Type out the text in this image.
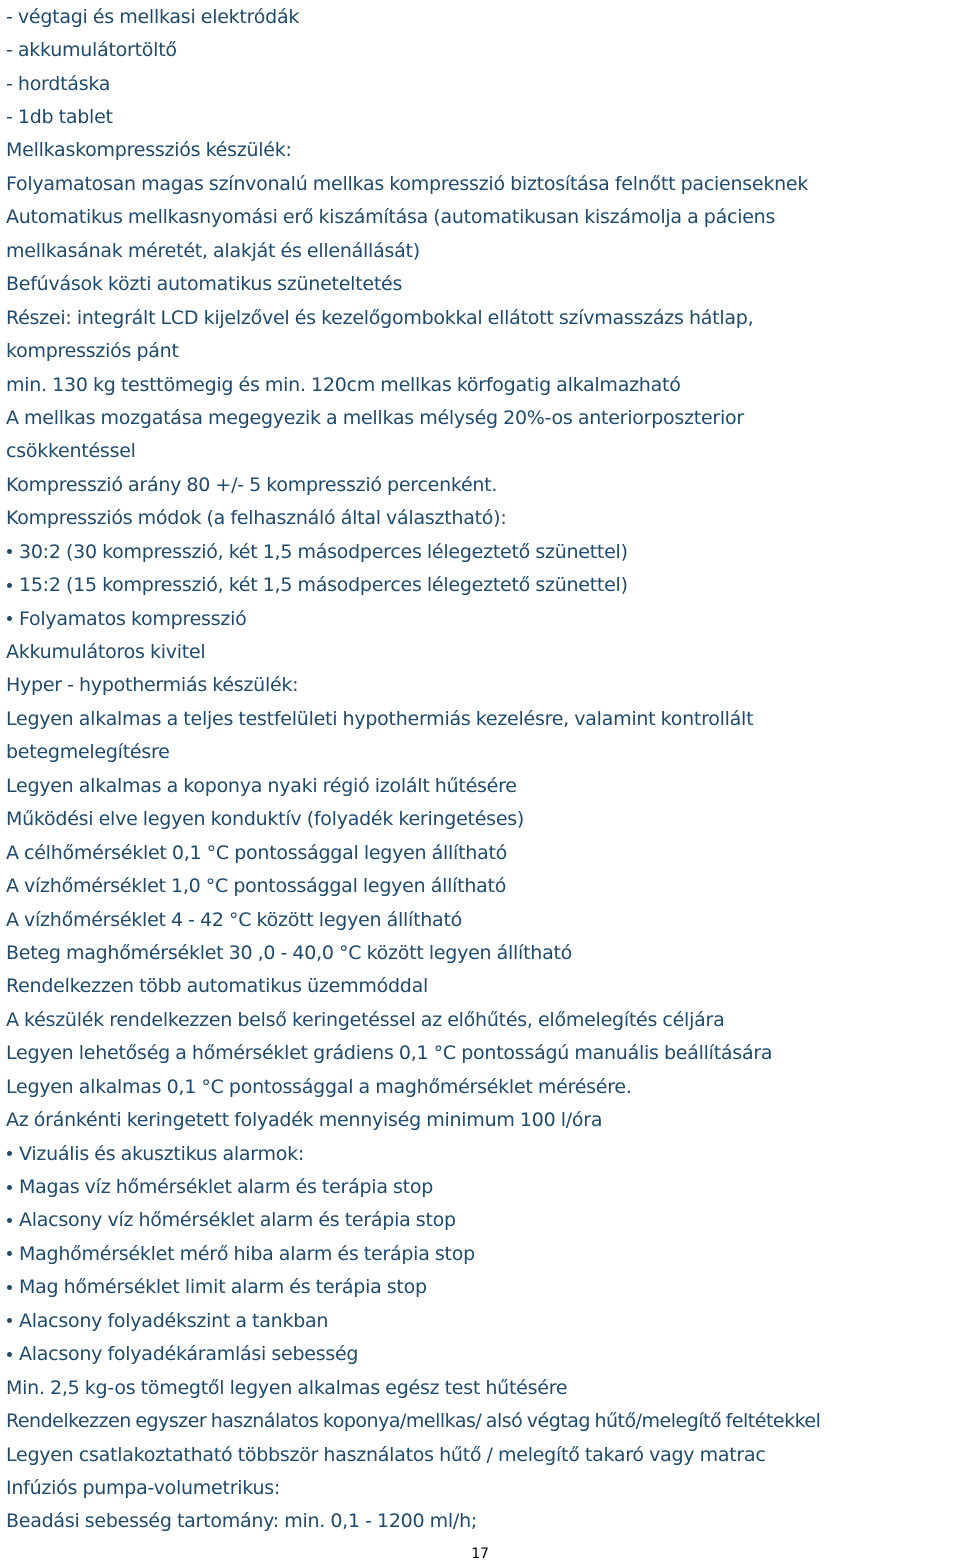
- végtagi és mellkasi elektródák
- akkumulátortöltő
- hordtáska
- 1db tablet
Mellkaskompressziós készülék:
Folyamatosan magas színvonalú mellkas kompresszió biztosítása felnőtt pacienseknek
Automatikus mellkasnyomási erő kiszámítása (automatikusan kiszámolja a páciens
mellkasának méretét, alakját és ellenállását)
Befúvások közti automatikus szüneteltetés
Részei: integrált LCD kijelzővel és kezelőgombokkal ellátott szívmasszázs hátlap,
kompressziós pánt
min. 130 kg testtömegig és min. 120cm mellkas körfogatig alkalmazható
A mellkas mozgatása megegyezik a mellkas mélység 20%-os anteriorposzterior
csökkentéssel
Kompresszió arány 80 +/- 5 kompresszió percenként.
Kompressziós módok (a felhasználó által választható):
30:2 (30 kompresszió, két 1,5 másodperces lélegeztető szünettel)
15:2 (15 kompresszió, két 1,5 másodperces lélegeztető szünettel)
Folyamatos kompresszió
Akkumulátoros kivitel
Hyper - hypothermiás készülék:
Legyen alkalmas a teljes testfelületi hypothermiás kezelésre, valamint kontrollált
betegmelegítésre
Legyen alkalmas a koponya nyaki régió izolált hűtésére
Működési elve legyen konduktív (folyadék keringetéses)
A célhőmérséklet 0,1 °C pontossággal legyen állítható
A vízhőmérséklet 1,0 °C pontossággal legyen állítható
A vízhőmérséklet 4 - 42 °C között legyen állítható
Beteg maghőmérséklet 30 ,0 - 40,0 °C között legyen állítható
Rendelkezzen több automatikus üzemmóddal
A készülék rendelkezzen belső keringetéssel az előhűtés, előmelegítés céljára
Legyen lehetőség a hőmérséklet grádiens 0,1 °C pontosságú manuális beállítására
Legyen alkalmas 0,1 °C pontossággal a maghőmérséklet mérésére.
Az óránkénti keringetett folyadék mennyiség minimum 100 l/óra
Vizuális és akusztikus alarmok:
Magas víz hőmérséklet alarm és terápia stop
Alacsony víz hőmérséklet alarm és terápia stop
Maghőmérséklet mérő hiba alarm és terápia stop
Mag hőmérséklet limit alarm és terápia stop
Alacsony folyadékszint a tankban
Alacsony folyadékáramlási sebesség
Min. 2,5 kg-os tömegtől legyen alkalmas egész test hűtésére
Rendelkezzen egyszer használatos koponya/mellkas/ alsó végtag hűtő/melegítő feltétekkel
Legyen csatlakoztatható többször használatos hűtő / melegítő takaró vagy matrac
Infúziós pumpa-volumetrikus:
Beadási sebesség tartomány: min. 0,1 - 1200 ml/h;
17
